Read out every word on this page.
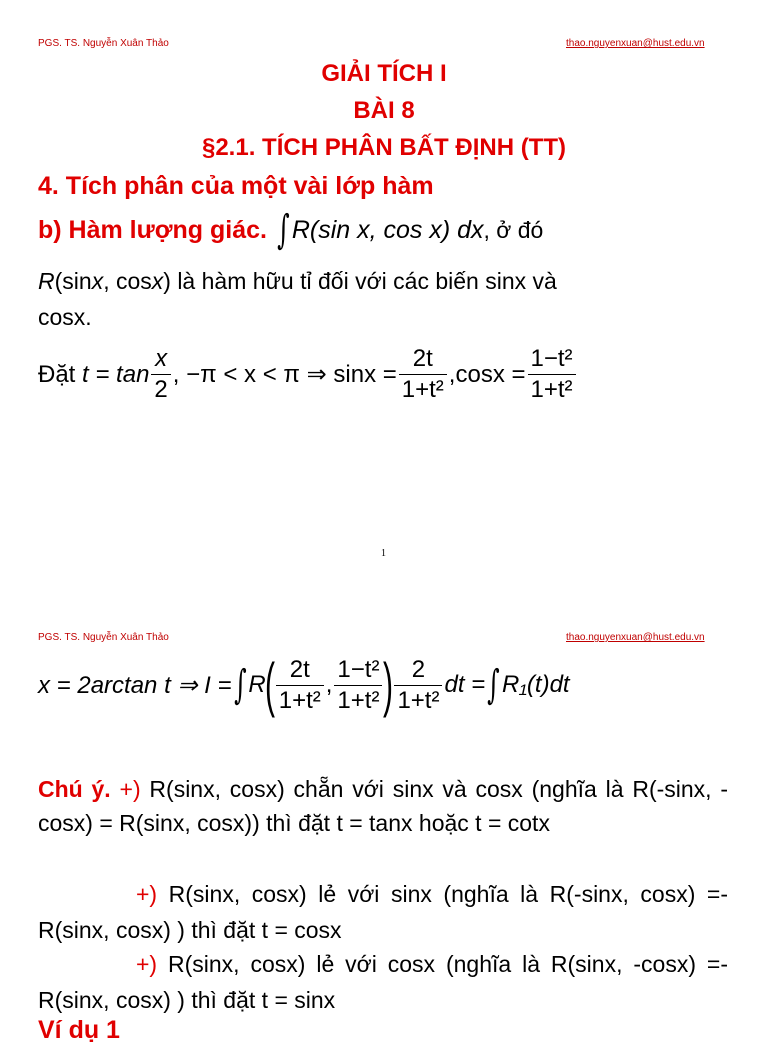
PGS. TS. Nguyễn Xuân Thảo	thao.nguyenxuan@hust.edu.vn
GIẢI TÍCH I
BÀI 8
§2.1. TÍCH PHÂN BẤT ĐỊNH (TT)
4. Tích phân của một vài lớp hàm
b) Hàm lượng giác. ∫ R(sin x, cos x) dx , ở đó
R(sinx, cosx) là hàm hữu tỉ đối với các biến sinx và
cosx.
Đặt
$t = \tan \frac{x}{2}$ , −π < x < π ⇒ $\sin x = \frac{2t}{\text{1+t²}} ,\cos x = \frac{\text{1−t²}}{\text{1+t²}}$
1
PGS. TS. Nguyễn Xuân Thảo	thao.nguyenxuan@hust.edu.vn
x = 2arctan t ⇒ I = ∫ R
( $\frac{2t}{\text{1+t²}}$ , $\frac{\text{1−t²}}{\text{1+t²}}$ ) $\frac{2}{\text{1+t²}}$ dt = ∫ R₁(t)dt
Chú ý. +) R(sinx, cosx) chẵn với sinx và cosx (nghĩa là R(-sinx, -cosx) = R(sinx, cosx)) thì đặt t = tanx hoặc t = cotx
+) R(sinx, cosx) lẻ với sinx (nghĩa là R(-sinx, cosx) =- R(sinx, cosx) ) thì đặt t = cosx
+) R(sinx, cosx) lẻ với cosx (nghĩa là R(sinx, -cosx) =- R(sinx, cosx) ) thì đặt t = sinx
Ví dụ 1
